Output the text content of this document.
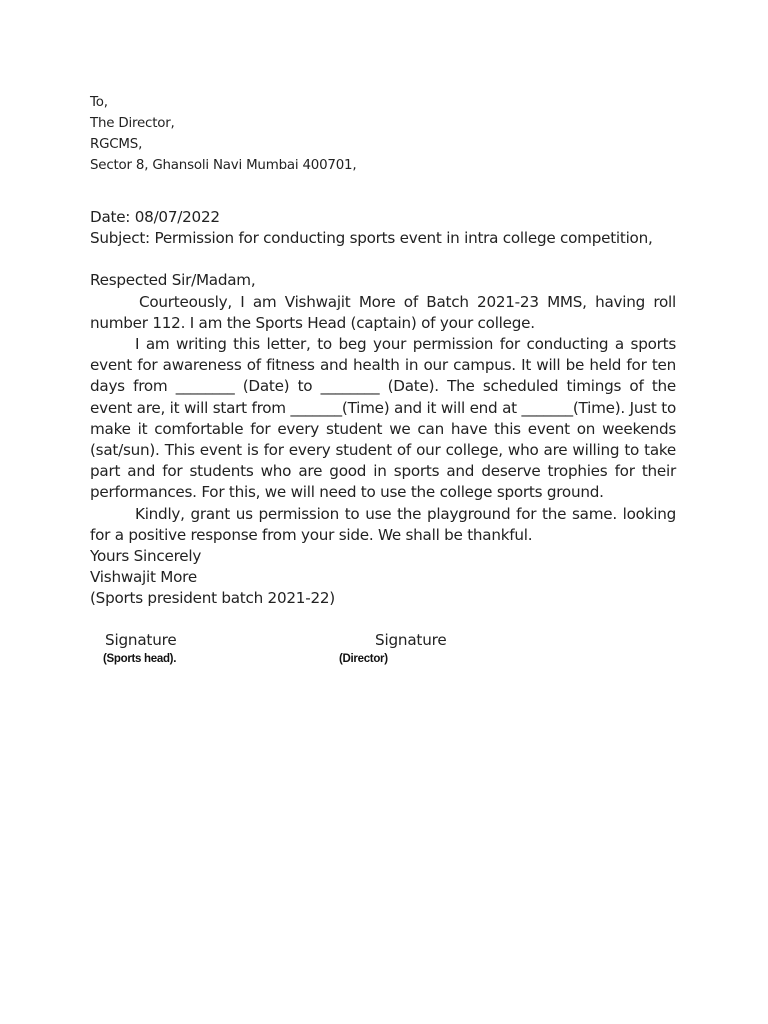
To,
The Director,
RGCMS,
Sector 8, Ghansoli Navi Mumbai 400701,
Date: 08/07/2022
Subject: Permission for conducting sports event in intra college competition,
Respected Sir/Madam,
Courteously, I am Vishwajit More of Batch 2021-23 MMS, having roll number 112. I am the Sports Head (captain) of your college.
I am writing this letter, to beg your permission for conducting a sports event for awareness of fitness and health in our campus. It will be held for ten days from ________ (Date) to ________ (Date). The scheduled timings of the event are, it will start from _______(Time) and it will end at _______(Time). Just to make it comfortable for every student we can have this event on weekends (sat/sun). This event is for every student of our college, who are willing to take part and for students who are good in sports and deserve trophies for their performances. For this, we will need to use the college sports ground.
Kindly, grant us permission to use the playground for the same. looking for a positive response from your side. We shall be thankful.
Yours Sincerely
Vishwajit More
(Sports president batch 2021-22)
Signature
(Sports head).
Signature
(Director)
